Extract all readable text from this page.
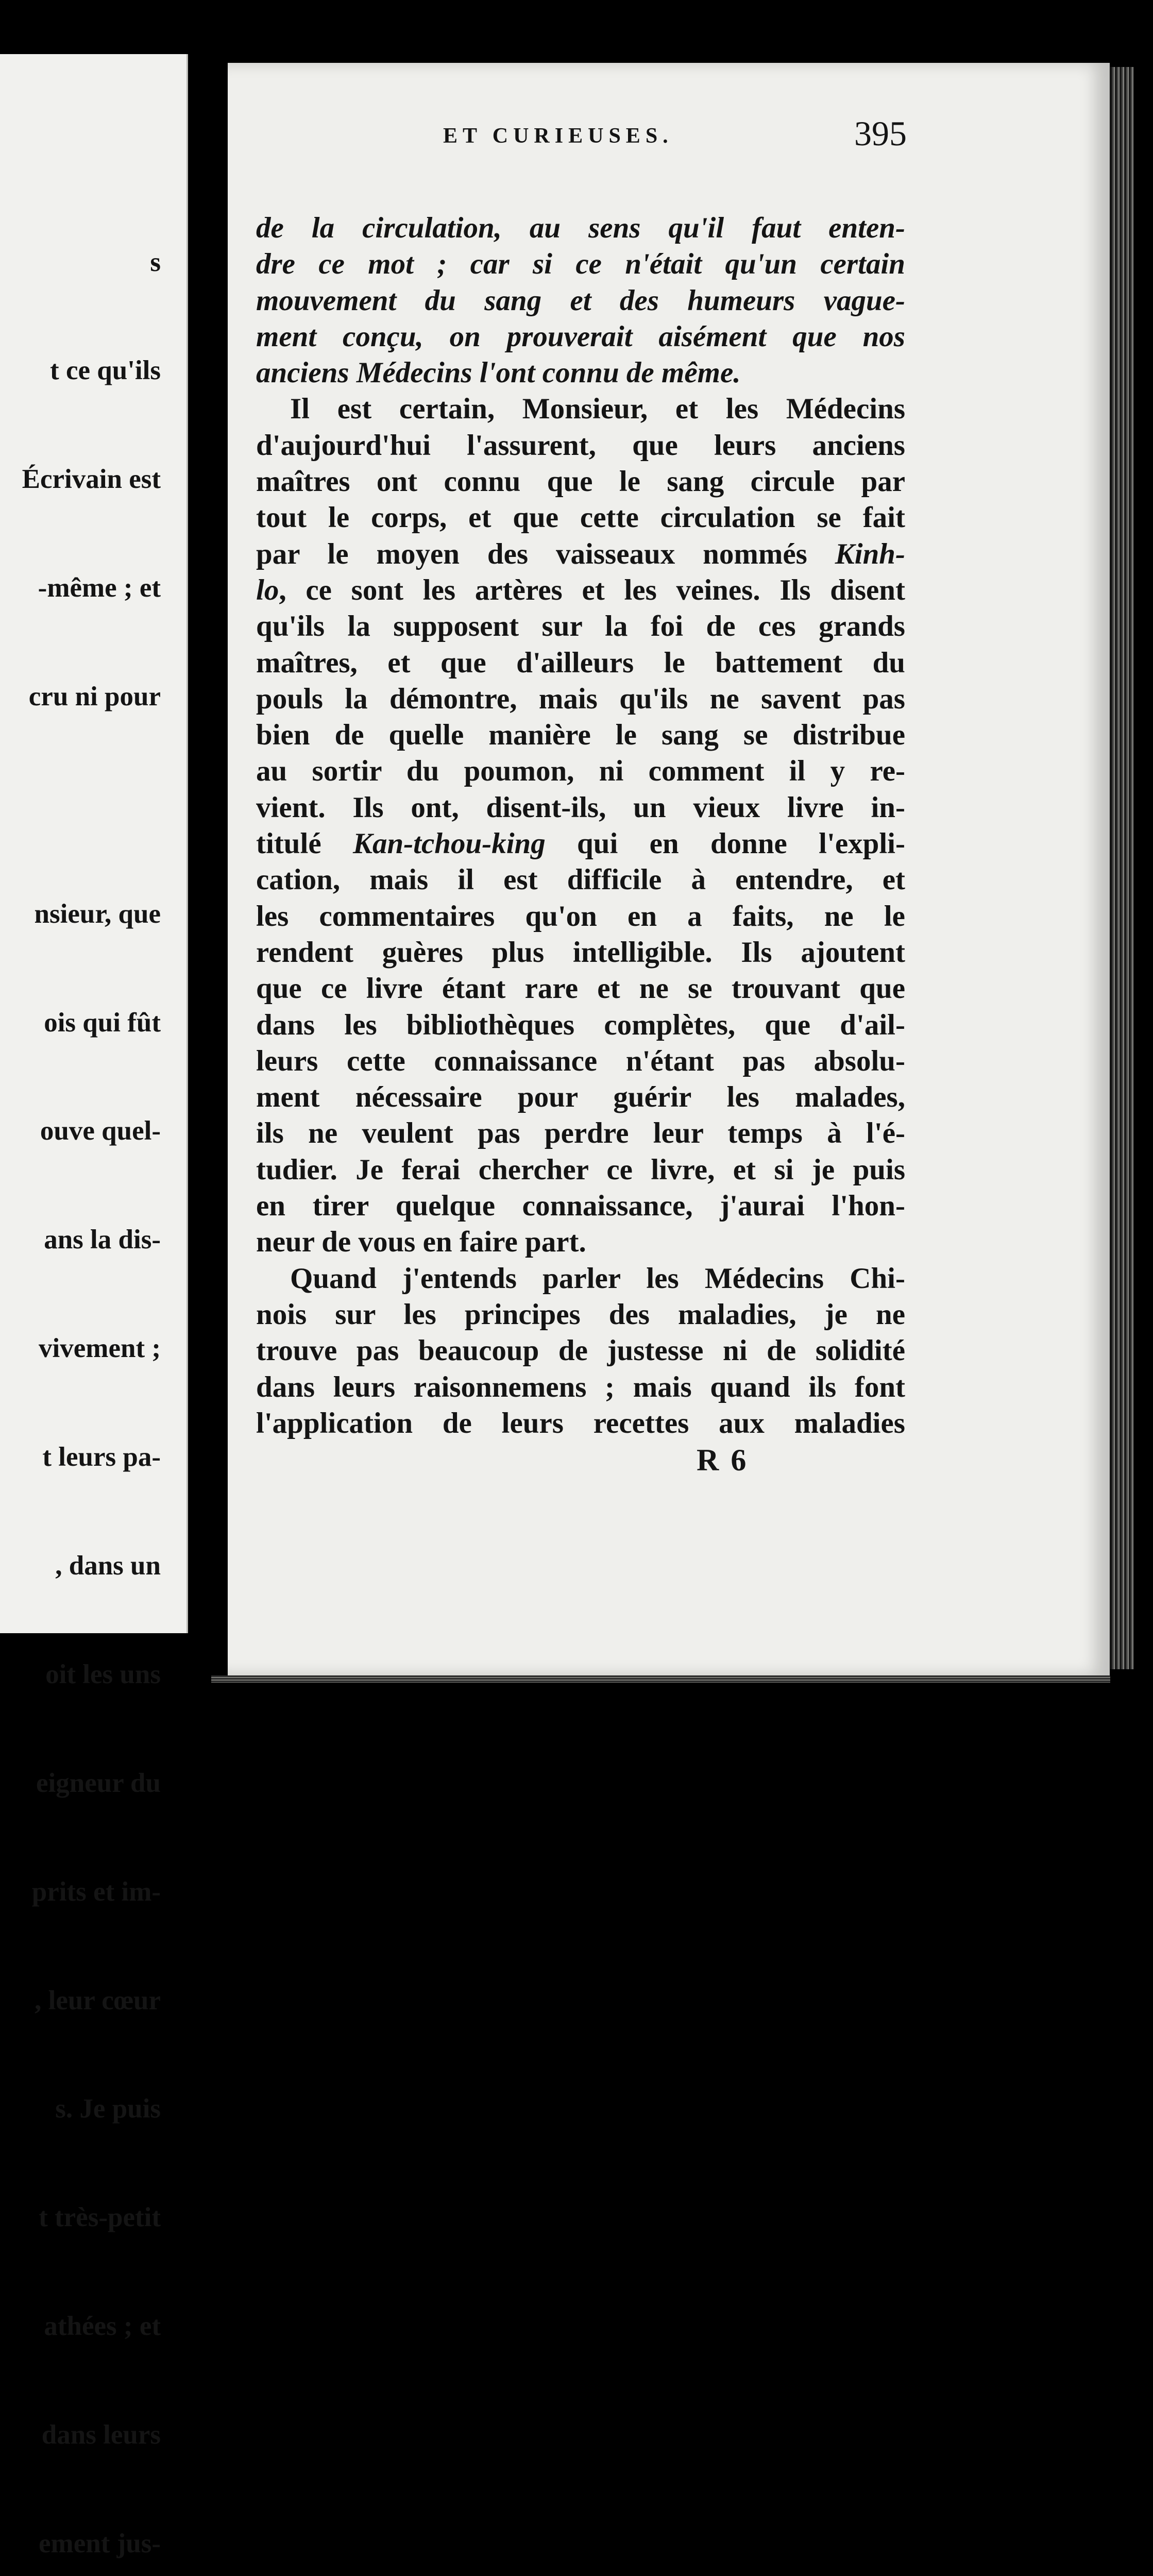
s

t ce qu'ils

Écrivain est

-même ; et

cru ni pour

nsieur, que

ois qui fût

ouve quel-

ans la dis-

vivement ;

t leurs pa-

, dans un

oit les uns

eigneur du

prits et im-

, leur cœur

s. Je puis

t très-petit

athées ; et

dans leurs

ement jus-

ET CURIEUSES.	395
de la circulation, au sens qu'il faut enten-
dre ce mot ; car si ce n'était qu'un certain
mouvement du sang et des humeurs vague-
ment conçu, on prouverait aisément que nos
anciens Médecins l'ont connu de même.
Il est certain, Monsieur, et les Médecins
d'aujourd'hui l'assurent, que leurs anciens
maîtres ont connu que le sang circule par
tout le corps, et que cette circulation se fait
par le moyen des vaisseaux nommés Kinh-
lo, ce sont les artères et les veines. Ils disent
qu'ils la supposent sur la foi de ces grands
maîtres, et que d'ailleurs le battement du
pouls la démontre, mais qu'ils ne savent pas
bien de quelle manière le sang se distribue
au sortir du poumon, ni comment il y re-
vient. Ils ont, disent-ils, un vieux livre in-
titulé Kan-tchou-king qui en donne l'expli-
cation, mais il est difficile à entendre, et
les commentaires qu'on en a faits, ne le
rendent guères plus intelligible. Ils ajoutent
que ce livre étant rare et ne se trouvant que
dans les bibliothèques complètes, que d'ail-
leurs cette connaissance n'étant pas absolu-
ment nécessaire pour guérir les malades,
ils ne veulent pas perdre leur temps à l'é-
tudier. Je ferai chercher ce livre, et si je puis
en tirer quelque connaissance, j'aurai l'hon-
neur de vous en faire part.
Quand j'entends parler les Médecins Chi-
nois sur les principes des maladies, je ne
trouve pas beaucoup de justesse ni de solidité
dans leurs raisonnemens ; mais quand ils font
l'application de leurs recettes aux maladies
R 6
